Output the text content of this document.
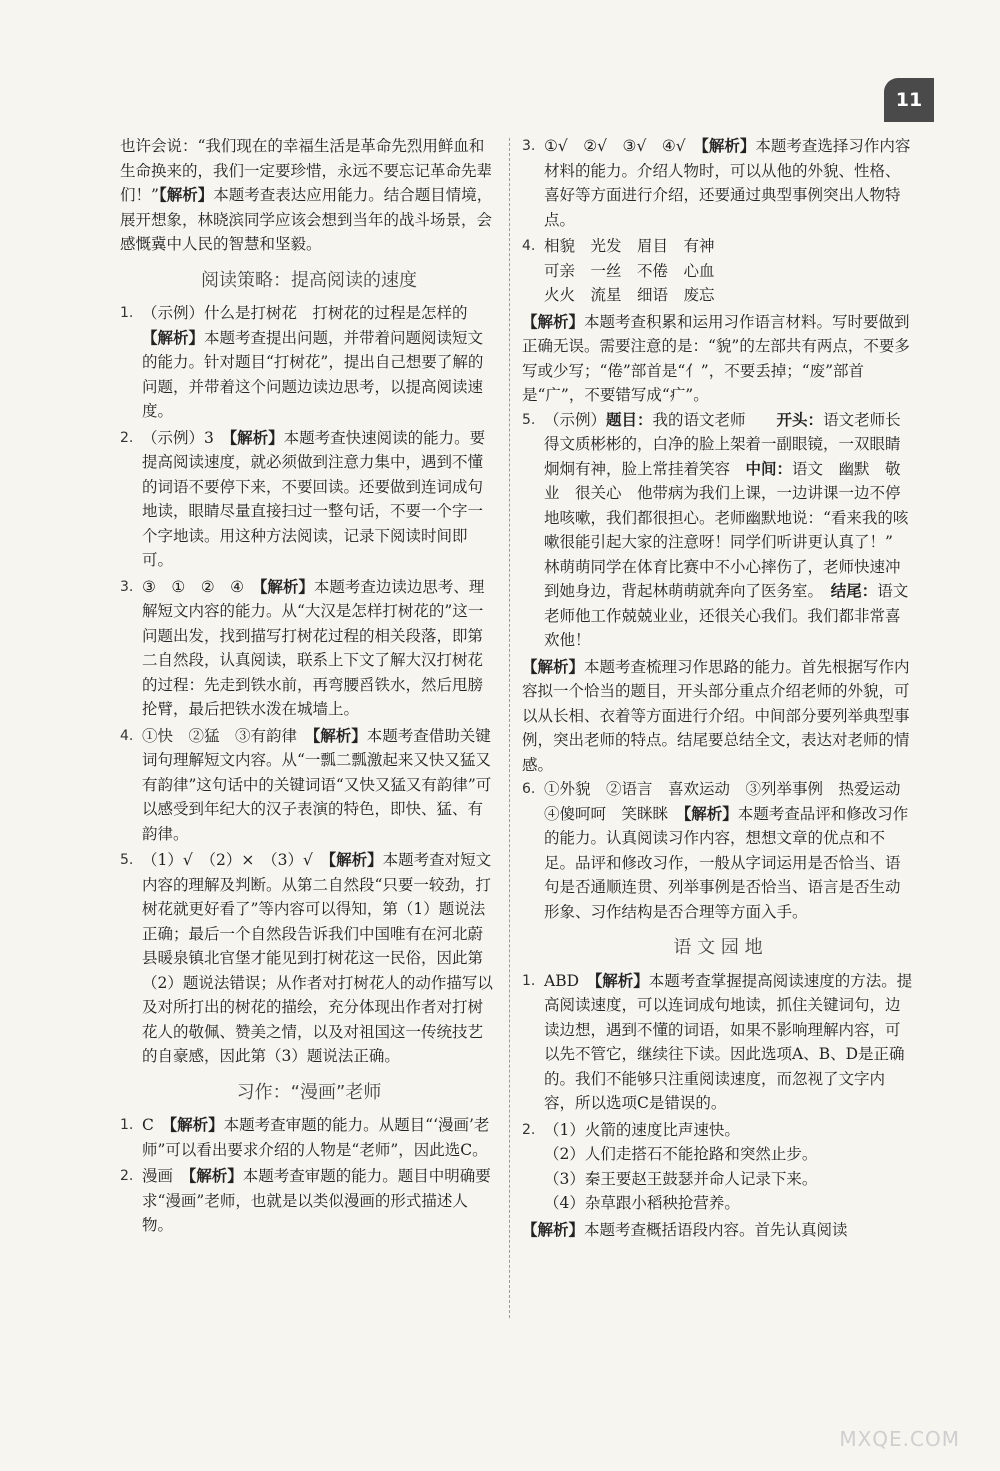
11

也许会说：“我们现在的幸福生活是革命先烈用鲜血和生命换来的，我们一定要珍惜，永远不要忘记革命先辈们！”【解析】本题考查表达应用能力。结合题目情境，展开想象，林晓滨同学应该会想到当年的战斗场景，会感慨冀中人民的智慧和坚毅。

阅读策略：提高阅读的速度
1. （示例）什么是打树花　打树花的过程是怎样的【解析】本题考查提出问题，并带着问题阅读短文的能力。针对题目“打树花”，提出自己想要了解的问题，并带着这个问题边读边思考，以提高阅读速度。
2. （示例）3　【解析】本题考查快速阅读的能力。要提高阅读速度，就必须做到注意力集中，遇到不懂的词语不要停下来，不要回读。还要做到连词成句地读，眼睛尽量直接扫过一整句话，不要一个字一个字地读。用这种方法阅读，记录下阅读时间即可。
3. ③　①　②　④　【解析】本题考查边读边思考、理解短文内容的能力。从“大汉是怎样打树花的”这一问题出发，找到描写打树花过程的相关段落，即第二自然段，认真阅读，联系上下文了解大汉打树花的过程：先走到铁水前，再弯腰舀铁水，然后甩膀抡臂，最后把铁水泼在城墙上。
4. ①快　②猛　③有韵律　【解析】本题考查借助关键词句理解短文内容。从“一瓢二瓢激起来又快又猛又有韵律”这句话中的关键词语“又快又猛又有韵律”可以感受到年纪大的汉子表演的特色，即快、猛、有韵律。
5. （1）√　（2）×　（3）√　【解析】本题考查对短文内容的理解及判断。从第二自然段“只要一较劲，打树花就更好看了”等内容可以得知，第（1）题说法正确；最后一个自然段告诉我们中国唯有在河北蔚县暖泉镇北官堡才能见到打树花这一民俗，因此第（2）题说法错误；从作者对打树花人的动作描写以及对所打出的树花的描绘，充分体现出作者对打树花人的敬佩、赞美之情，以及对祖国这一传统技艺的自豪感，因此第（3）题说法正确。
习作：“漫画”老师
1. C　【解析】本题考查审题的能力。从题目“‘漫画’老师”可以看出要求介绍的人物是“老师”，因此选C。
2. 漫画　【解析】本题考查审题的能力。题目中明确要求“漫画”老师，也就是以类似漫画的形式描述人物。
3. ①√　②√　③√　④√　【解析】本题考查选择习作内容材料的能力。介绍人物时，可以从他的外貌、性格、喜好等方面进行介绍，还要通过典型事例突出人物特点。
4. 相貌　光发　眉目　有神
可亲　一丝　不倦　心血
火火　流星　细语　废忘

【解析】本题考查积累和运用习作语言材料。写时要做到正确无误。需要注意的是：“貌”的左部共有两点，不要多写或少写；“倦”部首是“亻”，不要丢掉；“废”部首是“广”，不要错写成“疒”。

5. （示例）题目：我的语文老师　　开头：语文老师长得文质彬彬的，白净的脸上架着一副眼镜，一双眼睛炯炯有神，脸上常挂着笑容　中间：语文　幽默　敬业　很关心　他带病为我们上课，一边讲课一边不停地咳嗽，我们都很担心。老师幽默地说：“看来我的咳嗽很能引起大家的注意呀！同学们听讲更认真了！”　林萌萌同学在体育比赛中不小心摔伤了，老师快速冲到她身边，背起林萌萌就奔向了医务室。　结尾：语文老师他工作兢兢业业，还很关心我们。我们都非常喜欢他！

【解析】本题考查梳理习作思路的能力。首先根据写作内容拟一个恰当的题目，开头部分重点介绍老师的外貌，可以从长相、衣着等方面进行介绍。中间部分要列举典型事例，突出老师的特点。结尾要总结全文，表达对老师的情感。

6. ①外貌　②语言　喜欢运动　③列举事例　热爱运动　④傻呵呵　笑眯眯　【解析】本题考查品评和修改习作的能力。认真阅读习作内容，想想文章的优点和不足。品评和修改习作，一般从字词运用是否恰当、语句是否通顺连贯、列举事例是否恰当、语言是否生动形象、习作结构是否合理等方面入手。
语 文 园 地
1. ABD　【解析】本题考查掌握提高阅读速度的方法。提高阅读速度，可以连词成句地读，抓住关键词句，边读边想，遇到不懂的词语，如果不影响理解内容，可以先不管它，继续往下读。因此选项A、B、D是正确的。我们不能够只注重阅读速度，而忽视了文字内容，所以选项C是错误的。
2. （1）火箭的速度比声速快。
（2）人们走搭石不能抢路和突然止步。
（3）秦王要赵王鼓瑟并命人记录下来。
（4）杂草跟小稻秧抢营养。

【解析】本题考查概括语段内容。首先认真阅读

MXQE.COM
